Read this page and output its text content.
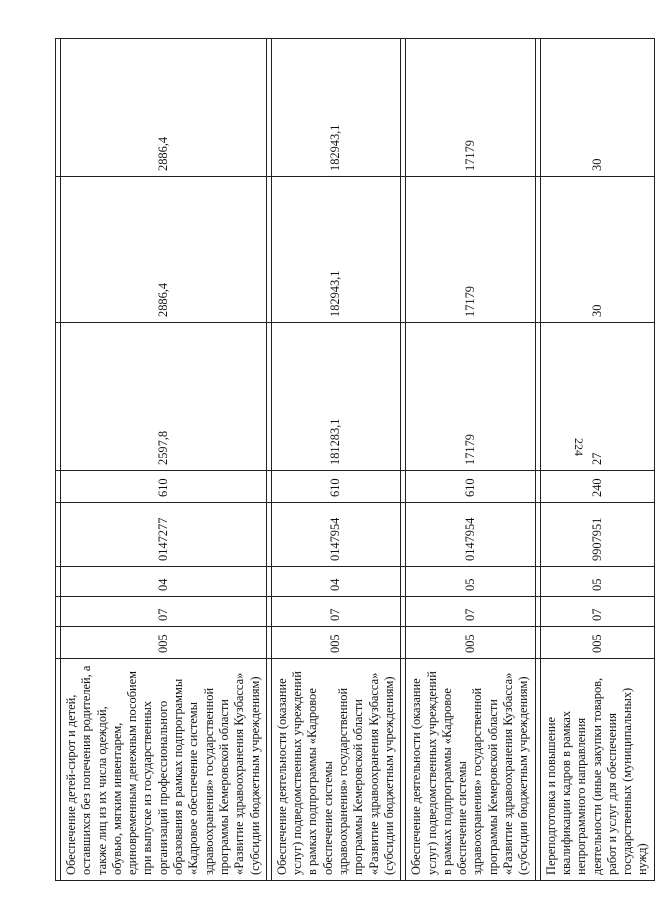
224

Обеспечение детей-сирот и детей, оставшихся без попечения родителей, а также лиц из их числа одеждой, обувью, мягким инвентарем, единовременным денежным пособием при выпуске из государственных организаций профессионального образования в рамках подпрограммы «Кадровое обеспечение системы здравоохранения» государственной программы Кемеровской области «Развитие здравоохранения Кузбасса» (субсидии бюджетным учреждениям)	005	07	04	0147277	610	2597,8	2886,4	2886,4

Обеспечение деятельности (оказание услуг) подведомственных учреждений в рамках подпрограммы «Кадровое обеспечение системы здравоохранения» государственной программы Кемеровской области «Развитие здравоохранения Кузбасса» (субсидии бюджетным учреждениям)	005	07	04	0147954	610	181283,1	182943,1	182943,1

Обеспечение деятельности (оказание услуг) подведомственных учреждений в рамках подпрограммы «Кадровое обеспечение системы здравоохранения» государственной программы Кемеровской области «Развитие здравоохранения Кузбасса» (субсидии бюджетным учреждениям)	005	07	05	0147954	610	17179	17179	17179

Переподготовка и повышение квалификации кадров в рамках непрограммного направления деятельности (иные закупки товаров, работ и услуг для обеспечения государственных (муниципальных) нужд)	005	07	05	9907951	240	27	30	30
